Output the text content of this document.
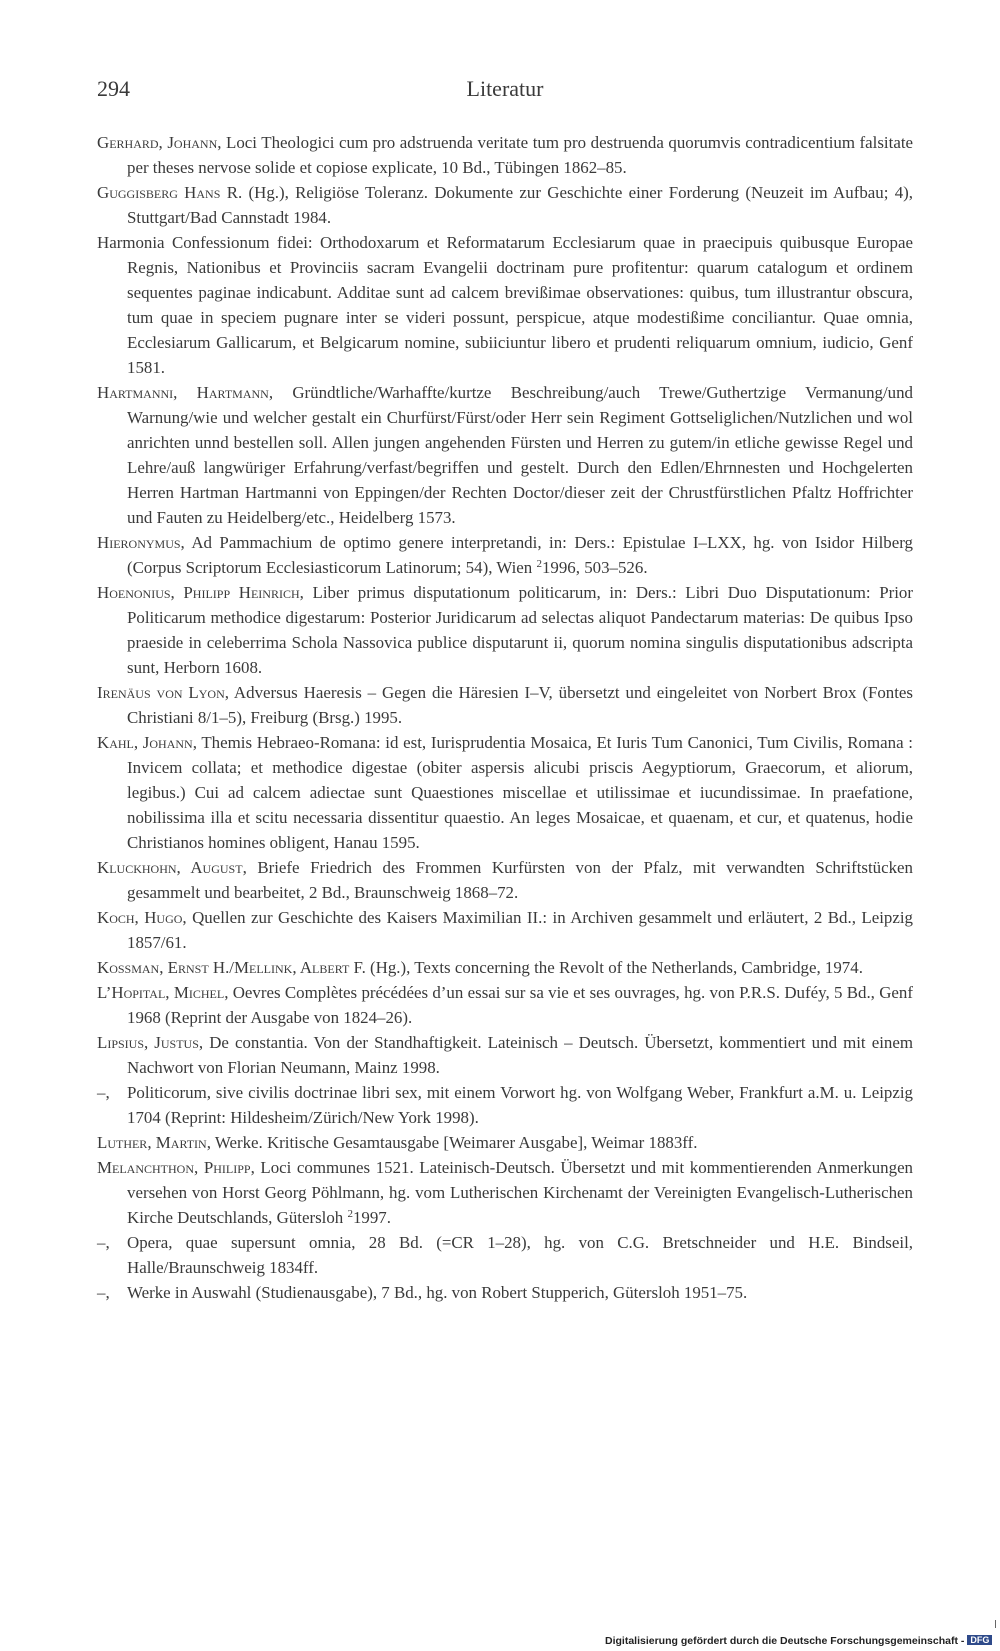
294	Literatur
Gerhard, Johann, Loci Theologici cum pro adstruenda veritate tum pro destruenda quorumvis contradicentium falsitate per theses nervose solide et copiose explicate, 10 Bd., Tübingen 1862–85.
Guggisberg Hans R. (Hg.), Religiöse Toleranz. Dokumente zur Geschichte einer Forderung (Neuzeit im Aufbau; 4), Stuttgart/Bad Cannstadt 1984.
Harmonia Confessionum fidei: Orthodoxarum et Reformatarum Ecclesiarum quae in praecipuis quibusque Europae Regnis, Nationibus et Provinciis sacram Evangelii doctrinam pure profitentur: quarum catalogum et ordinem sequentes paginae indicabunt. Additae sunt ad calcem brevißimae observationes: quibus, tum illustrantur obscura, tum quae in speciem pugnare inter se videri possunt, perspicue, atque modestißime conciliantur. Quae omnia, Ecclesiarum Gallicarum, et Belgicarum nomine, subiiciuntur libero et prudenti reliquarum omnium, iudicio, Genf 1581.
Hartmanni, Hartmann, Gründtliche/Warhaffte/kurtze Beschreibung/auch Trewe/Guthertzige Vermanung/und Warnung/wie und welcher gestalt ein Churfürst/Fürst/oder Herr sein Regiment Gottseliglichen/Nutzlichen und wol anrichten unnd bestellen soll. Allen jungen angehenden Fürsten und Herren zu gutem/in etliche gewisse Regel und Lehre/auß langwüriger Erfahrung/verfast/begriffen und gestelt. Durch den Edlen/Ehrnnesten und Hochgelerten Herren Hartman Hartmanni von Eppingen/der Rechten Doctor/dieser zeit der Chrustfürstlichen Pfaltz Hoffrichter und Fauten zu Heidelberg/etc., Heidelberg 1573.
Hieronymus, Ad Pammachium de optimo genere interpretandi, in: Ders.: Epistulae I–LXX, hg. von Isidor Hilberg (Corpus Scriptorum Ecclesiasticorum Latinorum; 54), Wien $^2$1996, 503–526.
Hoenonius, Philipp Heinrich, Liber primus disputationum politicarum, in: Ders.: Libri Duo Disputationum: Prior Politicarum methodice digestarum: Posterior Juridicarum ad selectas aliquot Pandectarum materias: De quibus Ipso praeside in celeberrima Schola Nassovica publice disputarunt ii, quorum nomina singulis disputationibus adscripta sunt, Herborn 1608.
Irenäus von Lyon, Adversus Haeresis – Gegen die Häresien I–V, übersetzt und eingeleitet von Norbert Brox (Fontes Christiani 8/1–5), Freiburg (Brsg.) 1995.
Kahl, Johann, Themis Hebraeo-Romana: id est, Iurisprudentia Mosaica, Et Iuris Tum Canonici, Tum Civilis, Romana : Invicem collata; et methodice digestae (obiter aspersis alicubi priscis Aegyptiorum, Graecorum, et aliorum, legibus.) Cui ad calcem adiectae sunt Quaestiones miscellae et utilissimae et iucundissimae. In praefatione, nobilissima illa et scitu necessaria dissentitur quaestio. An leges Mosaicae, et quaenam, et cur, et quatenus, hodie Christianos homines obligent, Hanau 1595.
Kluckhohn, August, Briefe Friedrich des Frommen Kurfürsten von der Pfalz, mit verwandten Schriftstücken gesammelt und bearbeitet, 2 Bd., Braunschweig 1868–72.
Koch, Hugo, Quellen zur Geschichte des Kaisers Maximilian II.: in Archiven gesammelt und erläutert, 2 Bd., Leipzig 1857/61.
Kossman, Ernst H./Mellink, Albert F. (Hg.), Texts concerning the Revolt of the Netherlands, Cambridge, 1974.
L’Hopital, Michel, Oevres Complètes précédées d’un essai sur sa vie et ses ouvrages, hg. von P.R.S. Duféy, 5 Bd., Genf 1968 (Reprint der Ausgabe von 1824–26).
Lipsius, Justus, De constantia. Von der Standhaftigkeit. Lateinisch – Deutsch. Übersetzt, kommentiert und mit einem Nachwort von Florian Neumann, Mainz 1998.
–, Politicorum, sive civilis doctrinae libri sex, mit einem Vorwort hg. von Wolfgang Weber, Frankfurt a.M. u. Leipzig 1704 (Reprint: Hildesheim/Zürich/New York 1998).
Luther, Martin, Werke. Kritische Gesamtausgabe [Weimarer Ausgabe], Weimar 1883ff.
Melanchthon, Philipp, Loci communes 1521. Lateinisch-Deutsch. Übersetzt und mit kommentierenden Anmerkungen versehen von Horst Georg Pöhlmann, hg. vom Lutherischen Kirchenamt der Vereinigten Evangelisch-Lutherischen Kirche Deutschlands, Gütersloh $^2$1997.
–, Opera, quae supersunt omnia, 28 Bd. (=CR 1–28), hg. von C.G. Bretschneider und H.E. Bindseil, Halle/Braunschweig 1834ff.
–, Werke in Auswahl (Studienausgabe), 7 Bd., hg. von Robert Stupperich, Gütersloh 1951–75.
Digitalisierung gefördert durch die Deutsche Forschungsgemeinschaft - DFG
